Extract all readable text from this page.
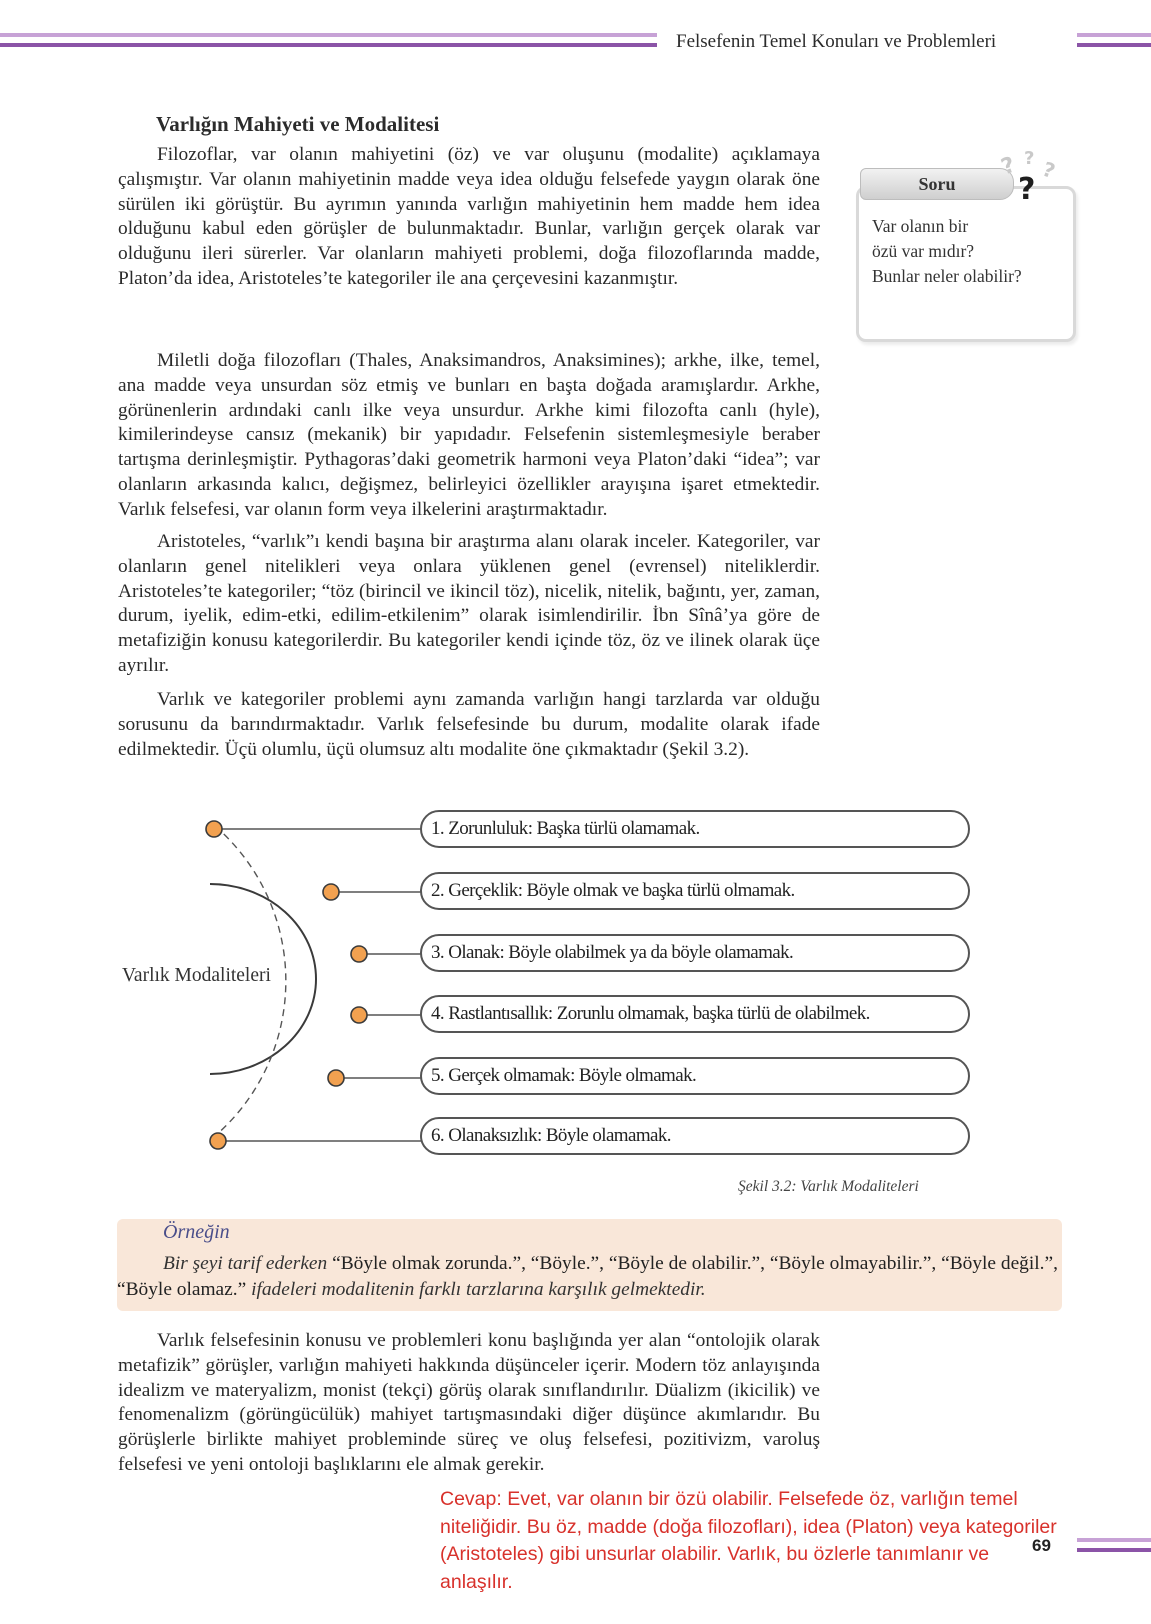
Felsefenin Temel Konuları ve Problemleri
Varlığın Mahiyeti ve Modalitesi

Filozoflar, var olanın mahiyetini (öz) ve var oluşunu (modalite) açıklamaya çalışmıştır. Var olanın mahiyetinin madde veya idea olduğu felsefede yaygın olarak öne sürülen iki görüştür. Bu ayrımın yanında varlığın mahiyetinin hem madde hem idea olduğunu kabul eden görüşler de bulunmaktadır. Bunlar, varlığın gerçek olarak var olduğunu ileri sürerler. Var olanların mahiyeti problemi, doğa filozoflarında madde, Platon’da idea, Aristoteles’te kategoriler ile ana çerçevesini kazanmıştır.

Miletli doğa filozofları (Thales, Anaksimandros, Anaksimines); arkhe, ilke, temel, ana madde veya unsurdan söz etmiş ve bunları en başta doğada aramışlardır. Arkhe, görünenlerin ardındaki canlı ilke veya unsurdur. Arkhe kimi filozofta canlı (hyle), kimilerindeyse cansız (mekanik) bir yapıdadır. Felsefenin sistemleşmesiyle beraber tartışma derinleşmiştir. Pythagoras’daki geometrik harmoni veya Platon’daki “idea”; var olanların arkasında kalıcı, değişmez, belirleyici özellikler arayışına işaret etmektedir. Varlık felsefesi, var olanın form veya ilkelerini araştırmaktadır.

Aristoteles, “varlık”ı kendi başına bir araştırma alanı olarak inceler. Kategoriler, var olanların genel nitelikleri veya onlara yüklenen genel (evrensel) niteliklerdir. Aristoteles’te kategoriler; “töz (birincil ve ikincil töz), nicelik, nitelik, bağıntı, yer, zaman, durum, iyelik, edim-etki, edilim-etkilenim” olarak isimlendirilir. İbn Sînâ’ya göre de metafiziğin konusu kategorilerdir. Bu kategoriler kendi içinde töz, öz ve ilinek olarak üçe ayrılır.

Varlık ve kategoriler problemi aynı zamanda varlığın hangi tarzlarda var olduğu sorusunu da barındırmaktadır. Varlık felsefesinde bu durum, modalite olarak ifade edilmektedir. Üçü olumlu, üçü olumsuz altı modalite öne çıkmaktadır (Şekil 3.2).

Soru
Var olanın bir
özü var mıdır?
Bunlar neler olabilir?
? ? ?
?
Varlık Modaliteleri
1. Zorunluluk: Başka türlü olamamak.
2. Gerçeklik: Böyle olmak ve başka türlü olmamak.
3. Olanak: Böyle olabilmek ya da böyle olamamak.
4. Rastlantısallık: Zorunlu olmamak, başka türlü de olabilmek.
5. Gerçek olmamak: Böyle olmamak.
6. Olanaksızlık: Böyle olamamak.
Şekil 3.2: Varlık Modaliteleri
Örneğin

Bir şeyi tarif ederken “Böyle olmak zorunda.”, “Böyle.”, “Böyle de olabilir.”, “Böyle olmayabilir.”, “Böyle değil.”, “Böyle olamaz.” ifadeleri modalitenin farklı tarzlarına karşılık gelmektedir.

Varlık felsefesinin konusu ve problemleri konu başlığında yer alan “ontolojik olarak metafizik” görüşler, varlığın mahiyeti hakkında düşünceler içerir. Modern töz anlayışında idealizm ve materyalizm, monist (tekçi) görüş olarak sınıflandırılır. Düalizm (ikicilik) ve fenomenalizm (görüngücülük) mahiyet tartışmasındaki diğer düşünce akımlarıdır. Bu görüşlerle birlikte mahiyet probleminde süreç ve oluş felsefesi, pozitivizm, varoluş felsefesi ve yeni ontoloji başlıklarını ele almak gerekir.

Cevap: Evet, var olanın bir özü olabilir. Felsefede öz, varlığın temel niteliğidir. Bu öz, madde (doğa filozofları), idea (Platon) veya kategoriler (Aristoteles) gibi unsurlar olabilir. Varlık, bu özlerle tanımlanır ve anlaşılır.
69
